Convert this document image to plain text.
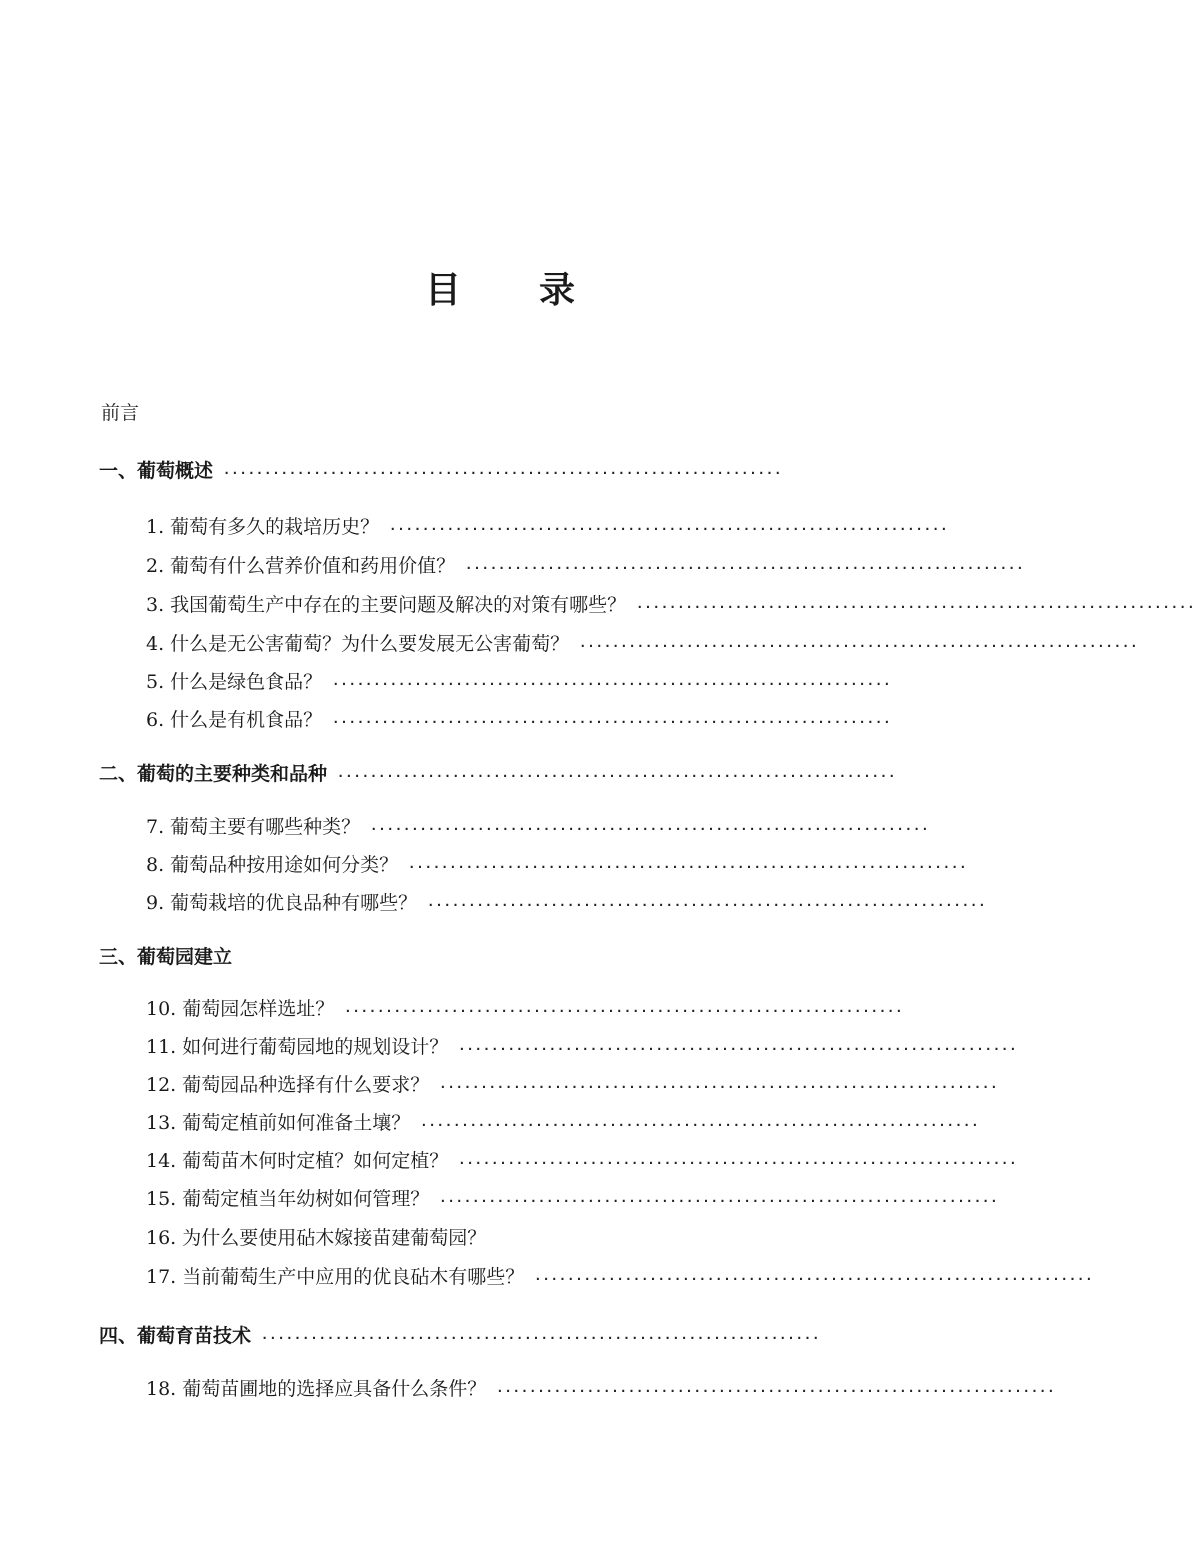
目 录
前言
一、葡萄概述 ····································································
1. 葡萄有多久的栽培历史？ ····································································
2. 葡萄有什么营养价值和药用价值？ ····································································
3. 我国葡萄生产中存在的主要问题及解决的对策有哪些？ ····································································
4. 什么是无公害葡萄？为什么要发展无公害葡萄？ ····································································
5. 什么是绿色食品？ ····································································
6. 什么是有机食品？ ····································································
二、葡萄的主要种类和品种 ····································································
7. 葡萄主要有哪些种类？ ····································································
8. 葡萄品种按用途如何分类？ ····································································
9. 葡萄栽培的优良品种有哪些？ ····································································
三、葡萄园建立
10. 葡萄园怎样选址？ ····································································
11. 如何进行葡萄园地的规划设计？ ····································································
12. 葡萄园品种选择有什么要求？ ····································································
13. 葡萄定植前如何准备土壤？ ····································································
14. 葡萄苗木何时定植？如何定植？ ····································································
15. 葡萄定植当年幼树如何管理？ ····································································
16. 为什么要使用砧木嫁接苗建葡萄园？
17. 当前葡萄生产中应用的优良砧木有哪些？ ····································································
四、葡萄育苗技术 ····································································
18. 葡萄苗圃地的选择应具备什么条件？ ····································································
